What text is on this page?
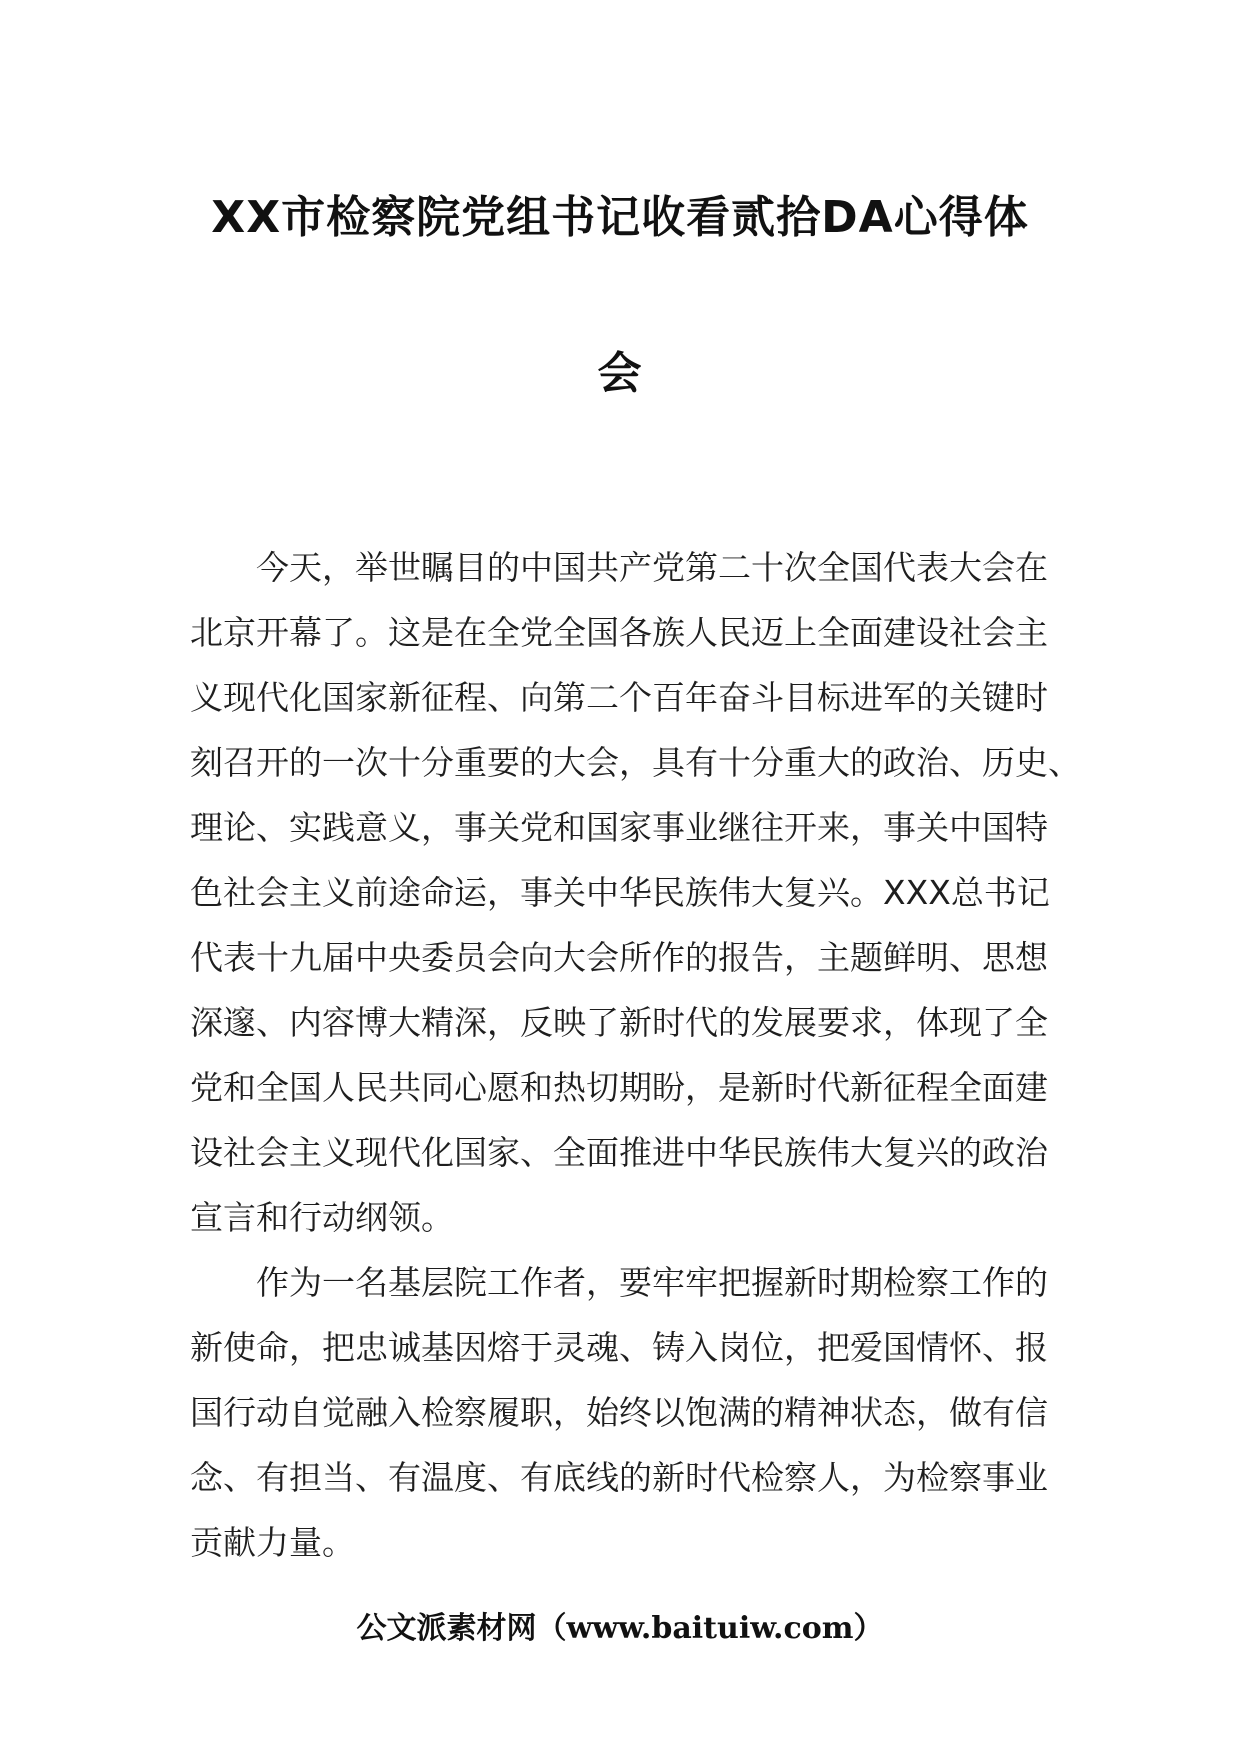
XX市检察院党组书记收看贰拾DA心得体
会

今天，举世瞩目的中国共产党第二十次全国代表大会在
北京开幕了。这是在全党全国各族人民迈上全面建设社会主
义现代化国家新征程、向第二个百年奋斗目标进军的关键时
刻召开的一次十分重要的大会，具有十分重大的政治、历史、
理论、实践意义，事关党和国家事业继往开来，事关中国特
色社会主义前途命运，事关中华民族伟大复兴。XXX总书记
代表十九届中央委员会向大会所作的报告，主题鲜明、思想
深邃、内容博大精深，反映了新时代的发展要求，体现了全
党和全国人民共同心愿和热切期盼，是新时代新征程全面建
设社会主义现代化国家、全面推进中华民族伟大复兴的政治
宣言和行动纲领。

作为一名基层院工作者，要牢牢把握新时期检察工作的
新使命，把忠诚基因熔于灵魂、铸入岗位，把爱国情怀、报
国行动自觉融入检察履职，始终以饱满的精神状态，做有信
念、有担当、有温度、有底线的新时代检察人，为检察事业
贡献力量。

公文派素材网（www.baituiw.com）
